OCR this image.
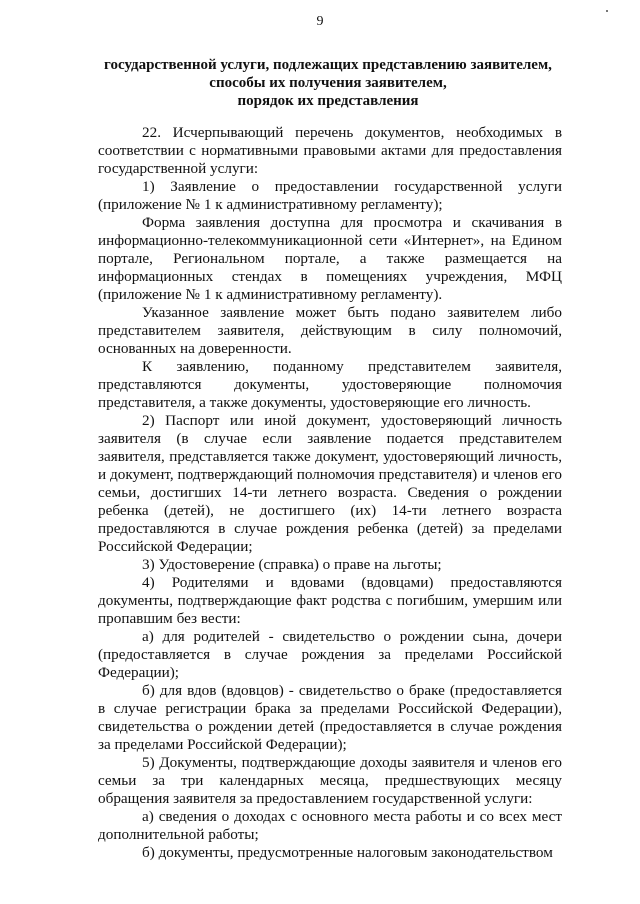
9
государственной услуги, подлежащих представлению заявителем,
способы их получения заявителем,
порядок их представления

22. Исчерпывающий перечень документов, необходимых в соответствии с нормативными правовыми актами для предоставления государственной услуги:

1) Заявление о предоставлении государственной услуги (приложение № 1 к административному регламенту);

Форма заявления доступна для просмотра и скачивания в информационно-телекоммуникационной сети «Интернет», на Едином портале, Региональном портале, а также размещается на информационных стендах в помещениях учреждения, МФЦ (приложение № 1 к административному регламенту).

Указанное заявление может быть подано заявителем либо представителем заявителя, действующим в силу полномочий, основанных на доверенности.

К заявлению, поданному представителем заявителя, представляются документы, удостоверяющие полномочия представителя, а также документы, удостоверяющие его личность.

2) Паспорт или иной документ, удостоверяющий личность заявителя (в случае если заявление подается представителем заявителя, представляется также документ, удостоверяющий личность, и документ, подтверждающий полномочия представителя) и членов его семьи, достигших 14-ти летнего возраста. Сведения о рождении ребенка (детей), не достигшего (их) 14-ти летнего возраста предоставляются в случае рождения ребенка (детей) за пределами Российской Федерации;

3) Удостоверение (справка) о праве на льготы;

4) Родителями и вдовами (вдовцами) предоставляются документы, подтверждающие факт родства с погибшим, умершим или пропавшим без вести:

а) для родителей - свидетельство о рождении сына, дочери (предоставляется в случае рождения за пределами Российской Федерации);

б) для вдов (вдовцов) - свидетельство о браке (предоставляется в случае регистрации брака за пределами Российской Федерации), свидетельства о рождении детей (предоставляется в случае рождения за пределами Российской Федерации);

5) Документы, подтверждающие доходы заявителя и членов его семьи за три календарных месяца, предшествующих месяцу обращения заявителя за предоставлением государственной услуги:

а) сведения о доходах с основного места работы и со всех мест дополнительной работы;

б) документы, предусмотренные налоговым законодательством
